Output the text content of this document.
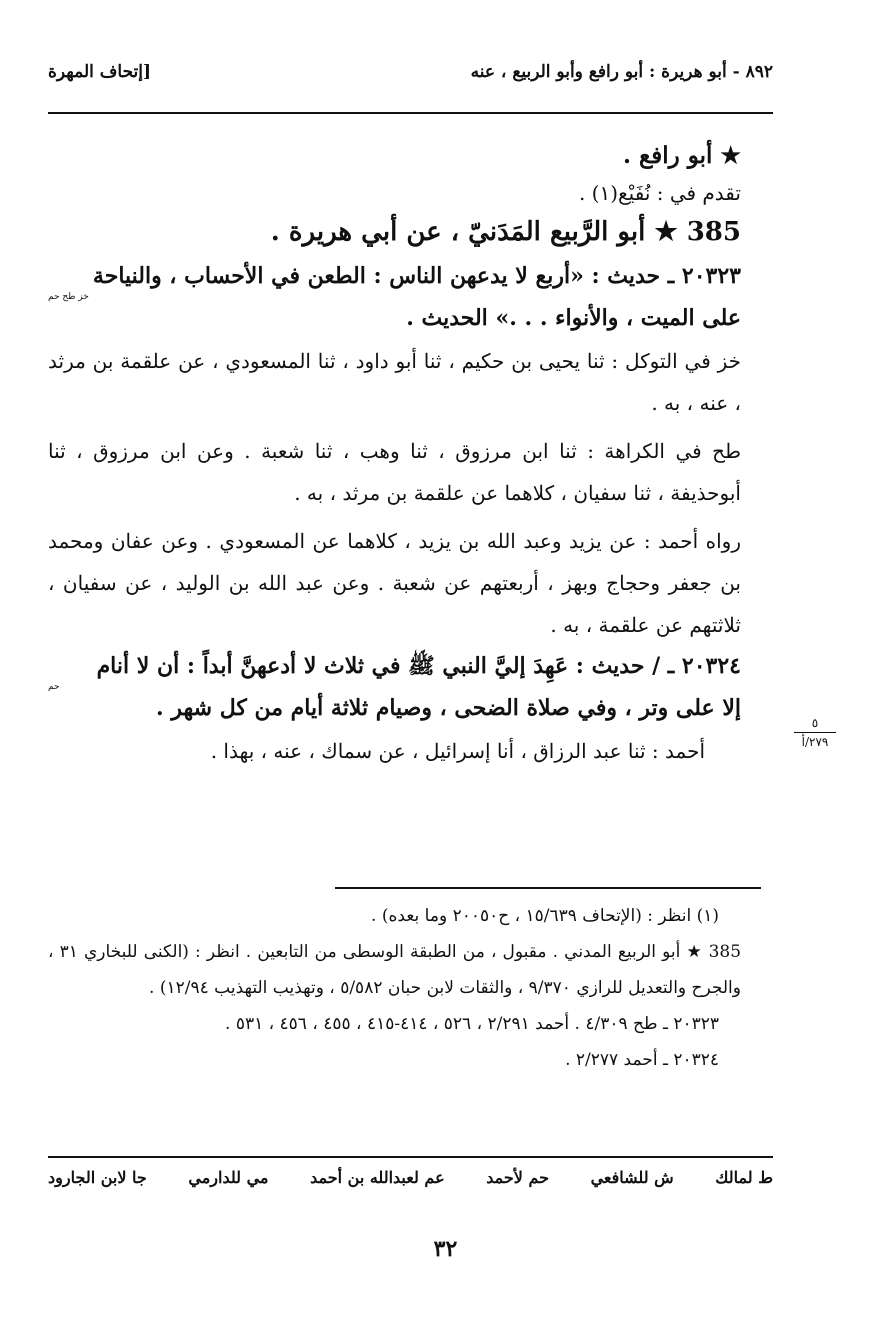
٨٩٢ - أبو هريرة : أبو رافع وأبو الربيع ، عنه
[إتحاف المهرة
★ أبو رافع .
تقدم في : نُفَيْع(١) .
385 ★ أبو الرَّبيع المَدَنيّ ، عن أبي هريرة .
٢٠٣٢٣ ـ حديث : «أربع لا يدعهن الناس : الطعن في الأحساب ، والنياحة
خز طح حم
على الميت ، والأنواء . . .» الحديث .
خز في التوكل : ثنا يحيى بن حكيم ، ثنا أبو داود ، ثنا المسعودي ، عن علقمة بن مرثد ، عنه ، به .
طح في الكراهة : ثنا ابن مرزوق ، ثنا وهب ، ثنا شعبة . وعن ابن مرزوق ، ثنا أبوحذيفة ، ثنا سفيان ، كلاهما عن علقمة بن مرثد ، به .
رواه أحمد : عن يزيد وعبد الله بن يزيد ، كلاهما عن المسعودي . وعن عفان ومحمد بن جعفر وحجاج وبهز ، أربعتهم عن شعبة . وعن عبد الله بن الوليد ، عن سفيان ، ثلاثتهم عن علقمة ، به .
٢٠٣٢٤ ـ / حديث : عَهِدَ إليَّ النبي ﷺ في ثلاث لا أدعهنَّ أبداً : أن لا أنام
حم
إلا على وتر ، وفي صلاة الضحى ، وصيام ثلاثة أيام من كل شهر .
أحمد : ثنا عبد الرزاق ، أنا إسرائيل ، عن سماك ، عنه ، بهذا .
٥
٢٧٩/أ
(١) انظر : (الإتحاف ١٥/٦٣٩ ، ح٢٠٠٥٠ وما بعده) .
385 ★ أبو الربيع المدني . مقبول ، من الطبقة الوسطى من التابعين . انظر : (الكنى للبخاري ٣١ ، والجرح والتعديل للرازي ٩/٣٧٠ ، والثقات لابن حبان ٥/٥٨٢ ، وتهذيب التهذيب ١٢/٩٤) .
٢٠٣٢٣ ـ طح ٤/٣٠٩ . أحمد ٢/٢٩١ ، ٥٢٦ ، ٤١٤-٤١٥ ، ٤٥٥ ، ٤٥٦ ، ٥٣١ .
٢٠٣٢٤ ـ أحمد ٢/٢٧٧ .
ط لمالك
ش للشافعي
حم لأحمد
عم لعبدالله بن أحمد
مي للدارمي
جا لابن الجارود
٣٢
